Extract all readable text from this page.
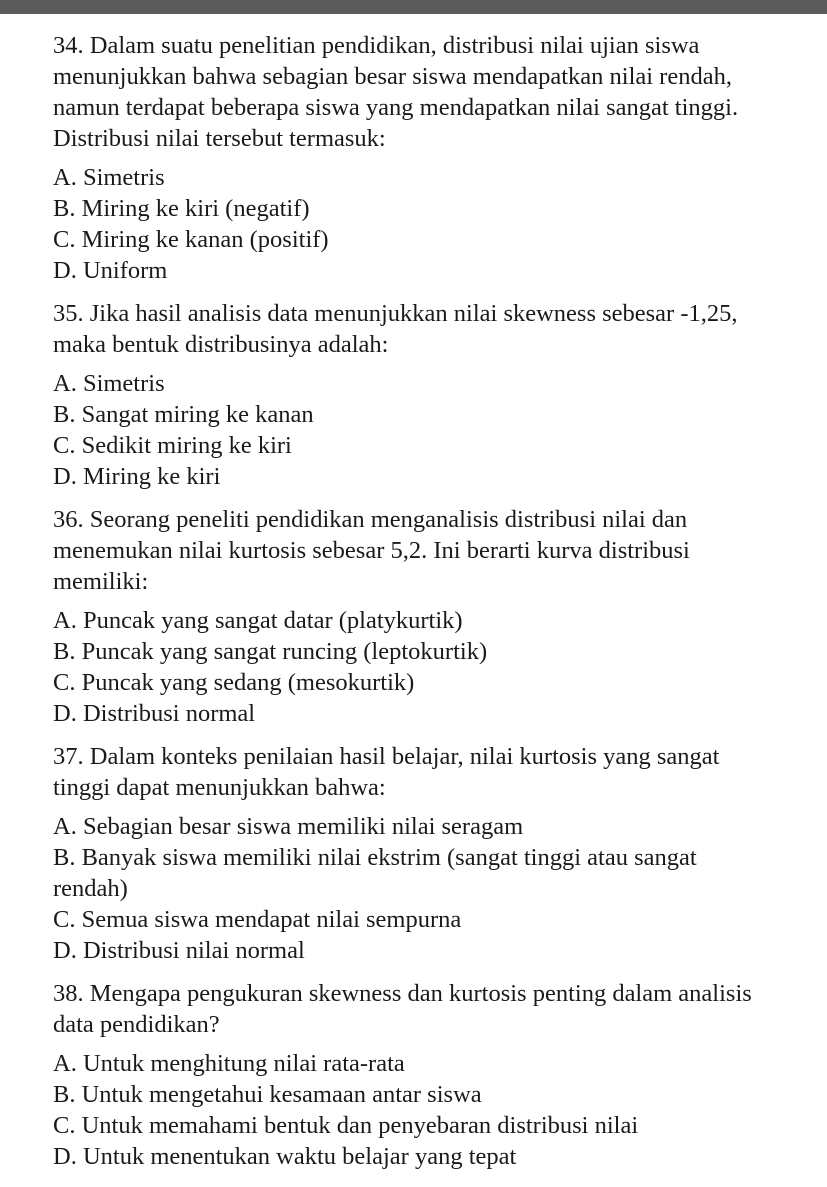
34. Dalam suatu penelitian pendidikan, distribusi nilai ujian siswa menunjukkan bahwa sebagian besar siswa mendapatkan nilai rendah, namun terdapat beberapa siswa yang mendapatkan nilai sangat tinggi. Distribusi nilai tersebut termasuk:

A. Simetris

B. Miring ke kiri (negatif)

C. Miring ke kanan (positif)

D. Uniform

35. Jika hasil analisis data menunjukkan nilai skewness sebesar -1,25, maka bentuk distribusinya adalah:

A. Simetris

B. Sangat miring ke kanan

C. Sedikit miring ke kiri

D. Miring ke kiri

36. Seorang peneliti pendidikan menganalisis distribusi nilai dan menemukan nilai kurtosis sebesar 5,2. Ini berarti kurva distribusi memiliki:

A. Puncak yang sangat datar (platykurtik)

B. Puncak yang sangat runcing (leptokurtik)

C. Puncak yang sedang (mesokurtik)

D. Distribusi normal

37. Dalam konteks penilaian hasil belajar, nilai kurtosis yang sangat tinggi dapat menunjukkan bahwa:

A. Sebagian besar siswa memiliki nilai seragam

B. Banyak siswa memiliki nilai ekstrim (sangat tinggi atau sangat rendah)

C. Semua siswa mendapat nilai sempurna

D. Distribusi nilai normal

38. Mengapa pengukuran skewness dan kurtosis penting dalam analisis data pendidikan?

A. Untuk menghitung nilai rata-rata

B. Untuk mengetahui kesamaan antar siswa

C. Untuk memahami bentuk dan penyebaran distribusi nilai

D. Untuk menentukan waktu belajar yang tepat
